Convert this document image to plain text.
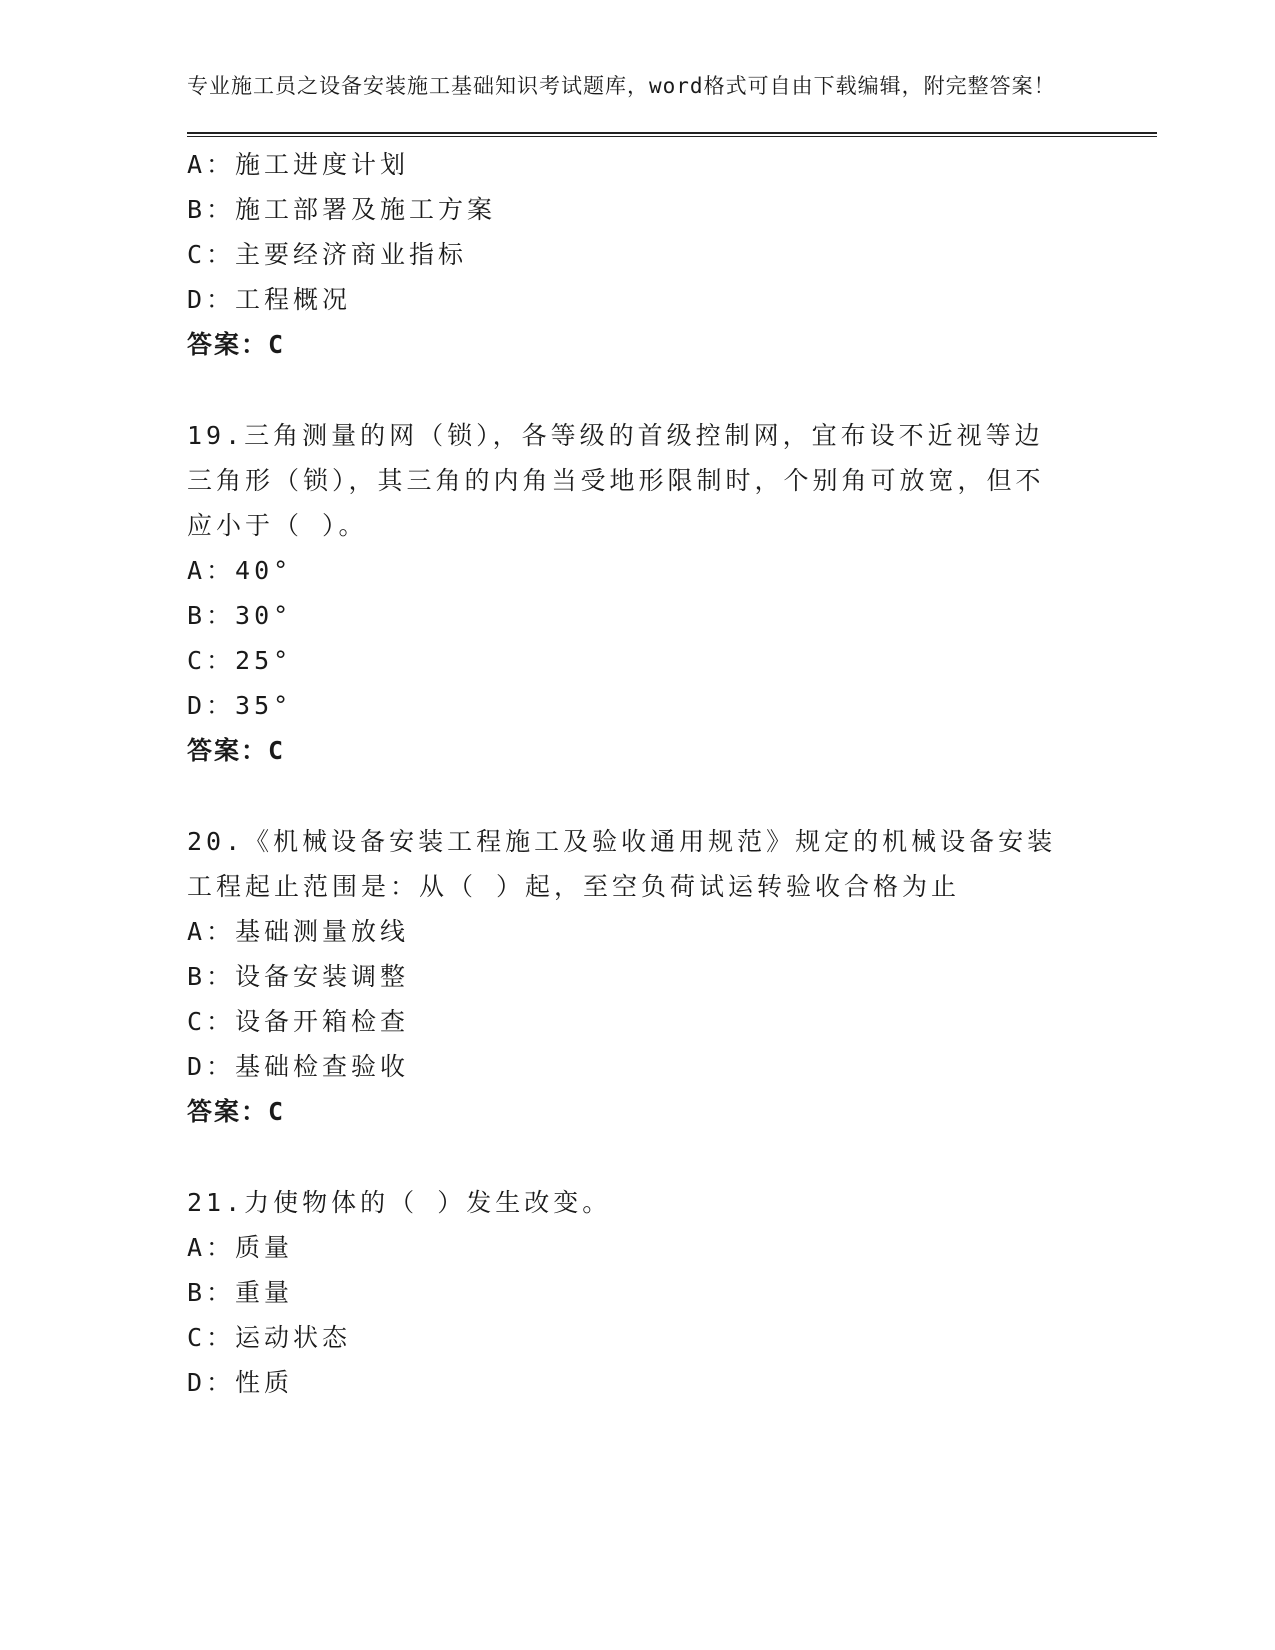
专业施工员之设备安装施工基础知识考试题库，word格式可自由下载编辑，附完整答案！
A：施工进度计划
B：施工部署及施工方案
C：主要经济商业指标
D：工程概况
答案：C
19.三角测量的网（锁），各等级的首级控制网，宜布设不近视等边三角形（锁），其三角的内角当受地形限制时，个别角可放宽，但不应小于（ ）。
A：40°
B：30°
C：25°
D：35°
答案：C
20.《机械设备安装工程施工及验收通用规范》规定的机械设备安装工程起止范围是：从（ ）起，至空负荷试运转验收合格为止
A：基础测量放线
B：设备安装调整
C：设备开箱检查
D：基础检查验收
答案：C
21.力使物体的（ ）发生改变。
A：质量
B：重量
C：运动状态
D：性质
